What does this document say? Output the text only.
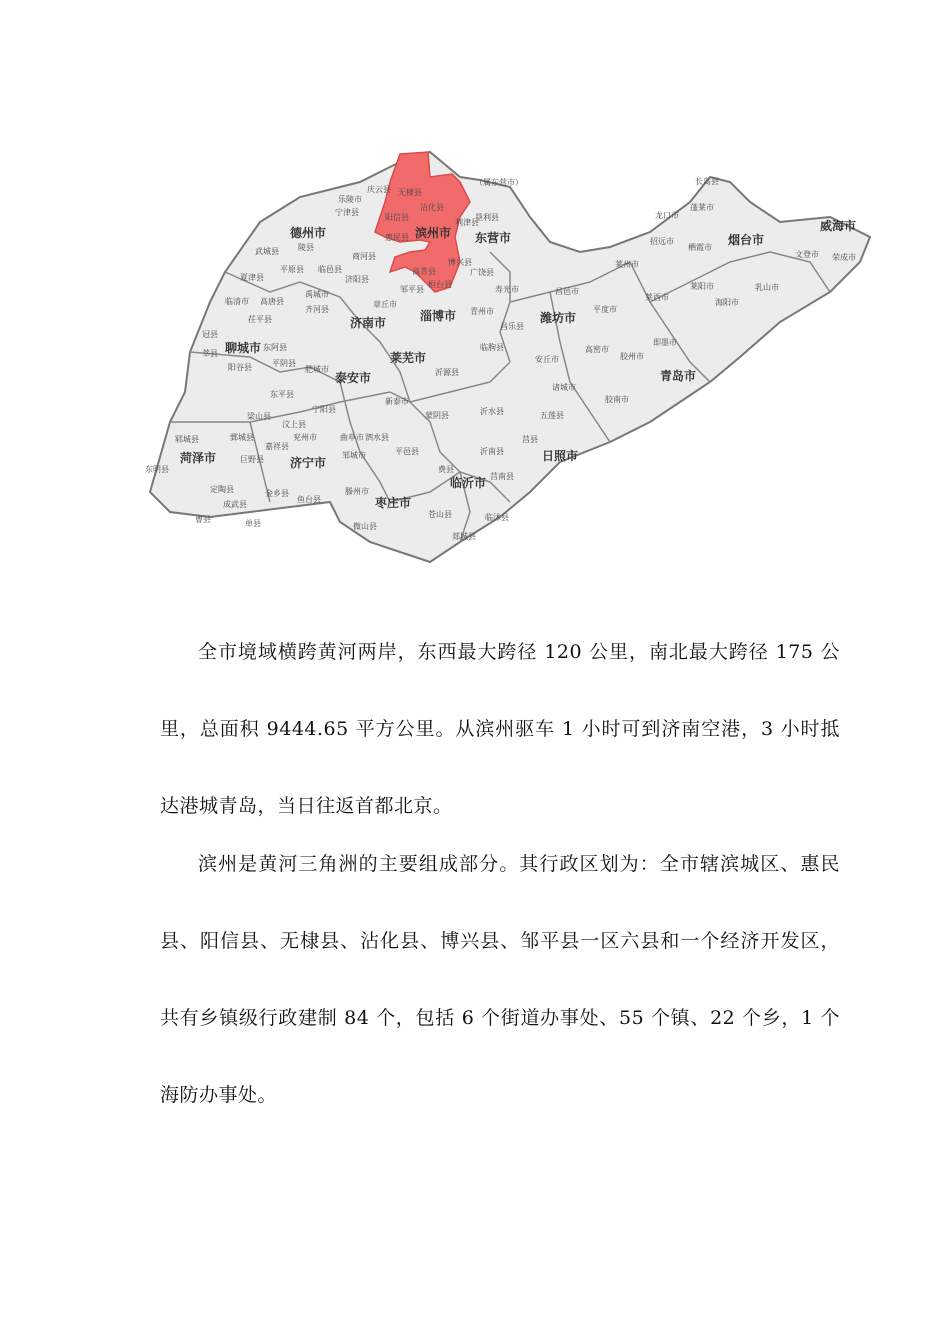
德州市
聊城市
济南市
滨州市 东营市
淄博市	潍坊市
烟台市
威海市
青岛市
莱芜市
泰安市
菏泽市	济宁市
临沂市
日照市
枣庄市
庆云县 无棣县
沾化县
乐陵市
宁津县
阳信县
惠民县
利津县
垦利县
（属东营市）
武城县 陵县
平原县
夏津县
临邑县
商河县
济阳县
高青县
博兴县
桓台县
邹平县
广饶县
寿光市	昌邑市
临清市 高唐县
禹城市
齐河县
章丘市
茌平县
冠县
莘县
东阿县
阳谷县	平阴县
肥城市
新泰市
沂源县
临朐县
青州市
昌乐县
安丘市
高密市
诸城市
平度市
莱西市
胶州市
即墨市
胶南市
五莲县
莒县
沂水县
蒙阴县
沂南县
平邑县
费县
莒南县
苍山县	临沭县
郯城县
东平县
宁阳县
汶上县
梁山县
兖州市	曲阜市 泗水县
邹城市
嘉祥县
郓城县	鄄城县
巨野县
东明县
定陶县
成武县
金乡县
鱼台县
曹县	单县	微山县
滕州市
长岛县
蓬莱市
龙口市
招远市
栖霞市
莱州市
莱阳市
海阳市
文登市 荣成市
乳山市

全市境域横跨黄河两岸，东西最大跨径 120 公里，南北最大跨径 175 公里，总面积 9444.65 平方公里。从滨州驱车 1 小时可到济南空港，3 小时抵达港城青岛，当日往返首都北京。

滨州是黄河三角洲的主要组成部分。其行政区划为：全市辖滨城区、惠民县、阳信县、无棣县、沾化县、博兴县、邹平县一区六县和一个经济开发区，共有乡镇级行政建制 84 个，包括 6 个街道办事处、55 个镇、22 个乡，1 个海防办事处。
